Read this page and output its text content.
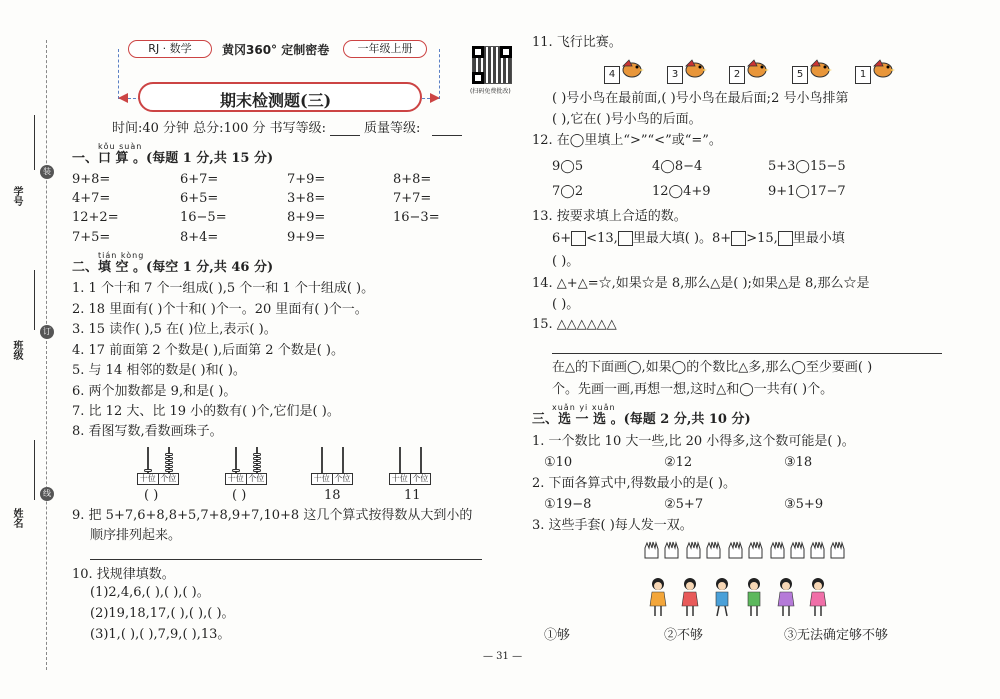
学号
装
班级
订
姓名
线
RJ · 数学	黄冈360° 定制密卷	一年级上册
期末检测题(三)	(扫码免费批改)
时间:40 分钟 总分:100 分 书写等级:	质量等级:
kǒu suàn
一、口 算 。(每题 1 分,共 15 分)
9+8=	6+7=	7+9=	8+8=
4+7=	6+5=	3+8=	7+7=
12+2=	16−5=	8+9=	16−3=
7+5=	8+4=	9+9=
tián kòng
二、填 空 。(每空 1 分,共 46 分)
1. 1 个十和 7 个一组成( ),5 个一和 1 个十组成( )。
2. 18 里面有( )个十和( )个一。20 里面有( )个一。
3. 15 读作( ),5 在( )位上,表示( )。
4. 17 前面第 2 个数是( ),后面第 2 个数是( )。
5. 与 14 相邻的数是( )和( )。
6. 两个加数都是 9,和是( )。
7. 比 12 大、比 19 小的数有( )个,它们是( )。
8. 看图写数,看数画珠子。
十位 个位
( )
十位 个位
( )
十位 个位
18
十位 个位
11
9. 把 5+7,6+8,8+5,7+8,9+7,10+8 这几个算式按得数从大到小的
顺序排列起来。
10. 找规律填数。
(1)2,4,6,( ),( ),( )。
(2)19,18,17,( ),( ),( )。
(3)1,( ),( ),7,9,( ),13。
11. 飞行比赛。
4	3	2	5	1
( )号小鸟在最前面,( )号小鸟在最后面;2 号小鸟排第
( ),它在( )号小鸟的后面。
12. 在◯里填上“>”“<”或“=”。
9◯5	4◯8−4	5+3◯15−5
7◯2	12◯4+9	9+1◯17−7
13. 按要求填上合适的数。
6+ <13, 里最大填( )。8+ >15, 里最小填
( )。
14. △+△=☆,如果☆是 8,那么△是( );如果△是 8,那么☆是
( )。
15. △△△△△△
在△的下面画◯,如果◯的个数比△多,那么◯至少要画( )
个。先画一画,再想一想,这时△和◯一共有( )个。
xuǎn yi xuǎn
三、选 一 选 。(每题 2 分,共 10 分)
1. 一个数比 10 大一些,比 20 小得多,这个数可能是( )。
①10	②12	③18
2. 下面各算式中,得数最小的是( )。
①19−8	②5+7	③5+9
3. 这些手套( )每人发一双。
①够	②不够	③无法确定够不够
— 31 —
